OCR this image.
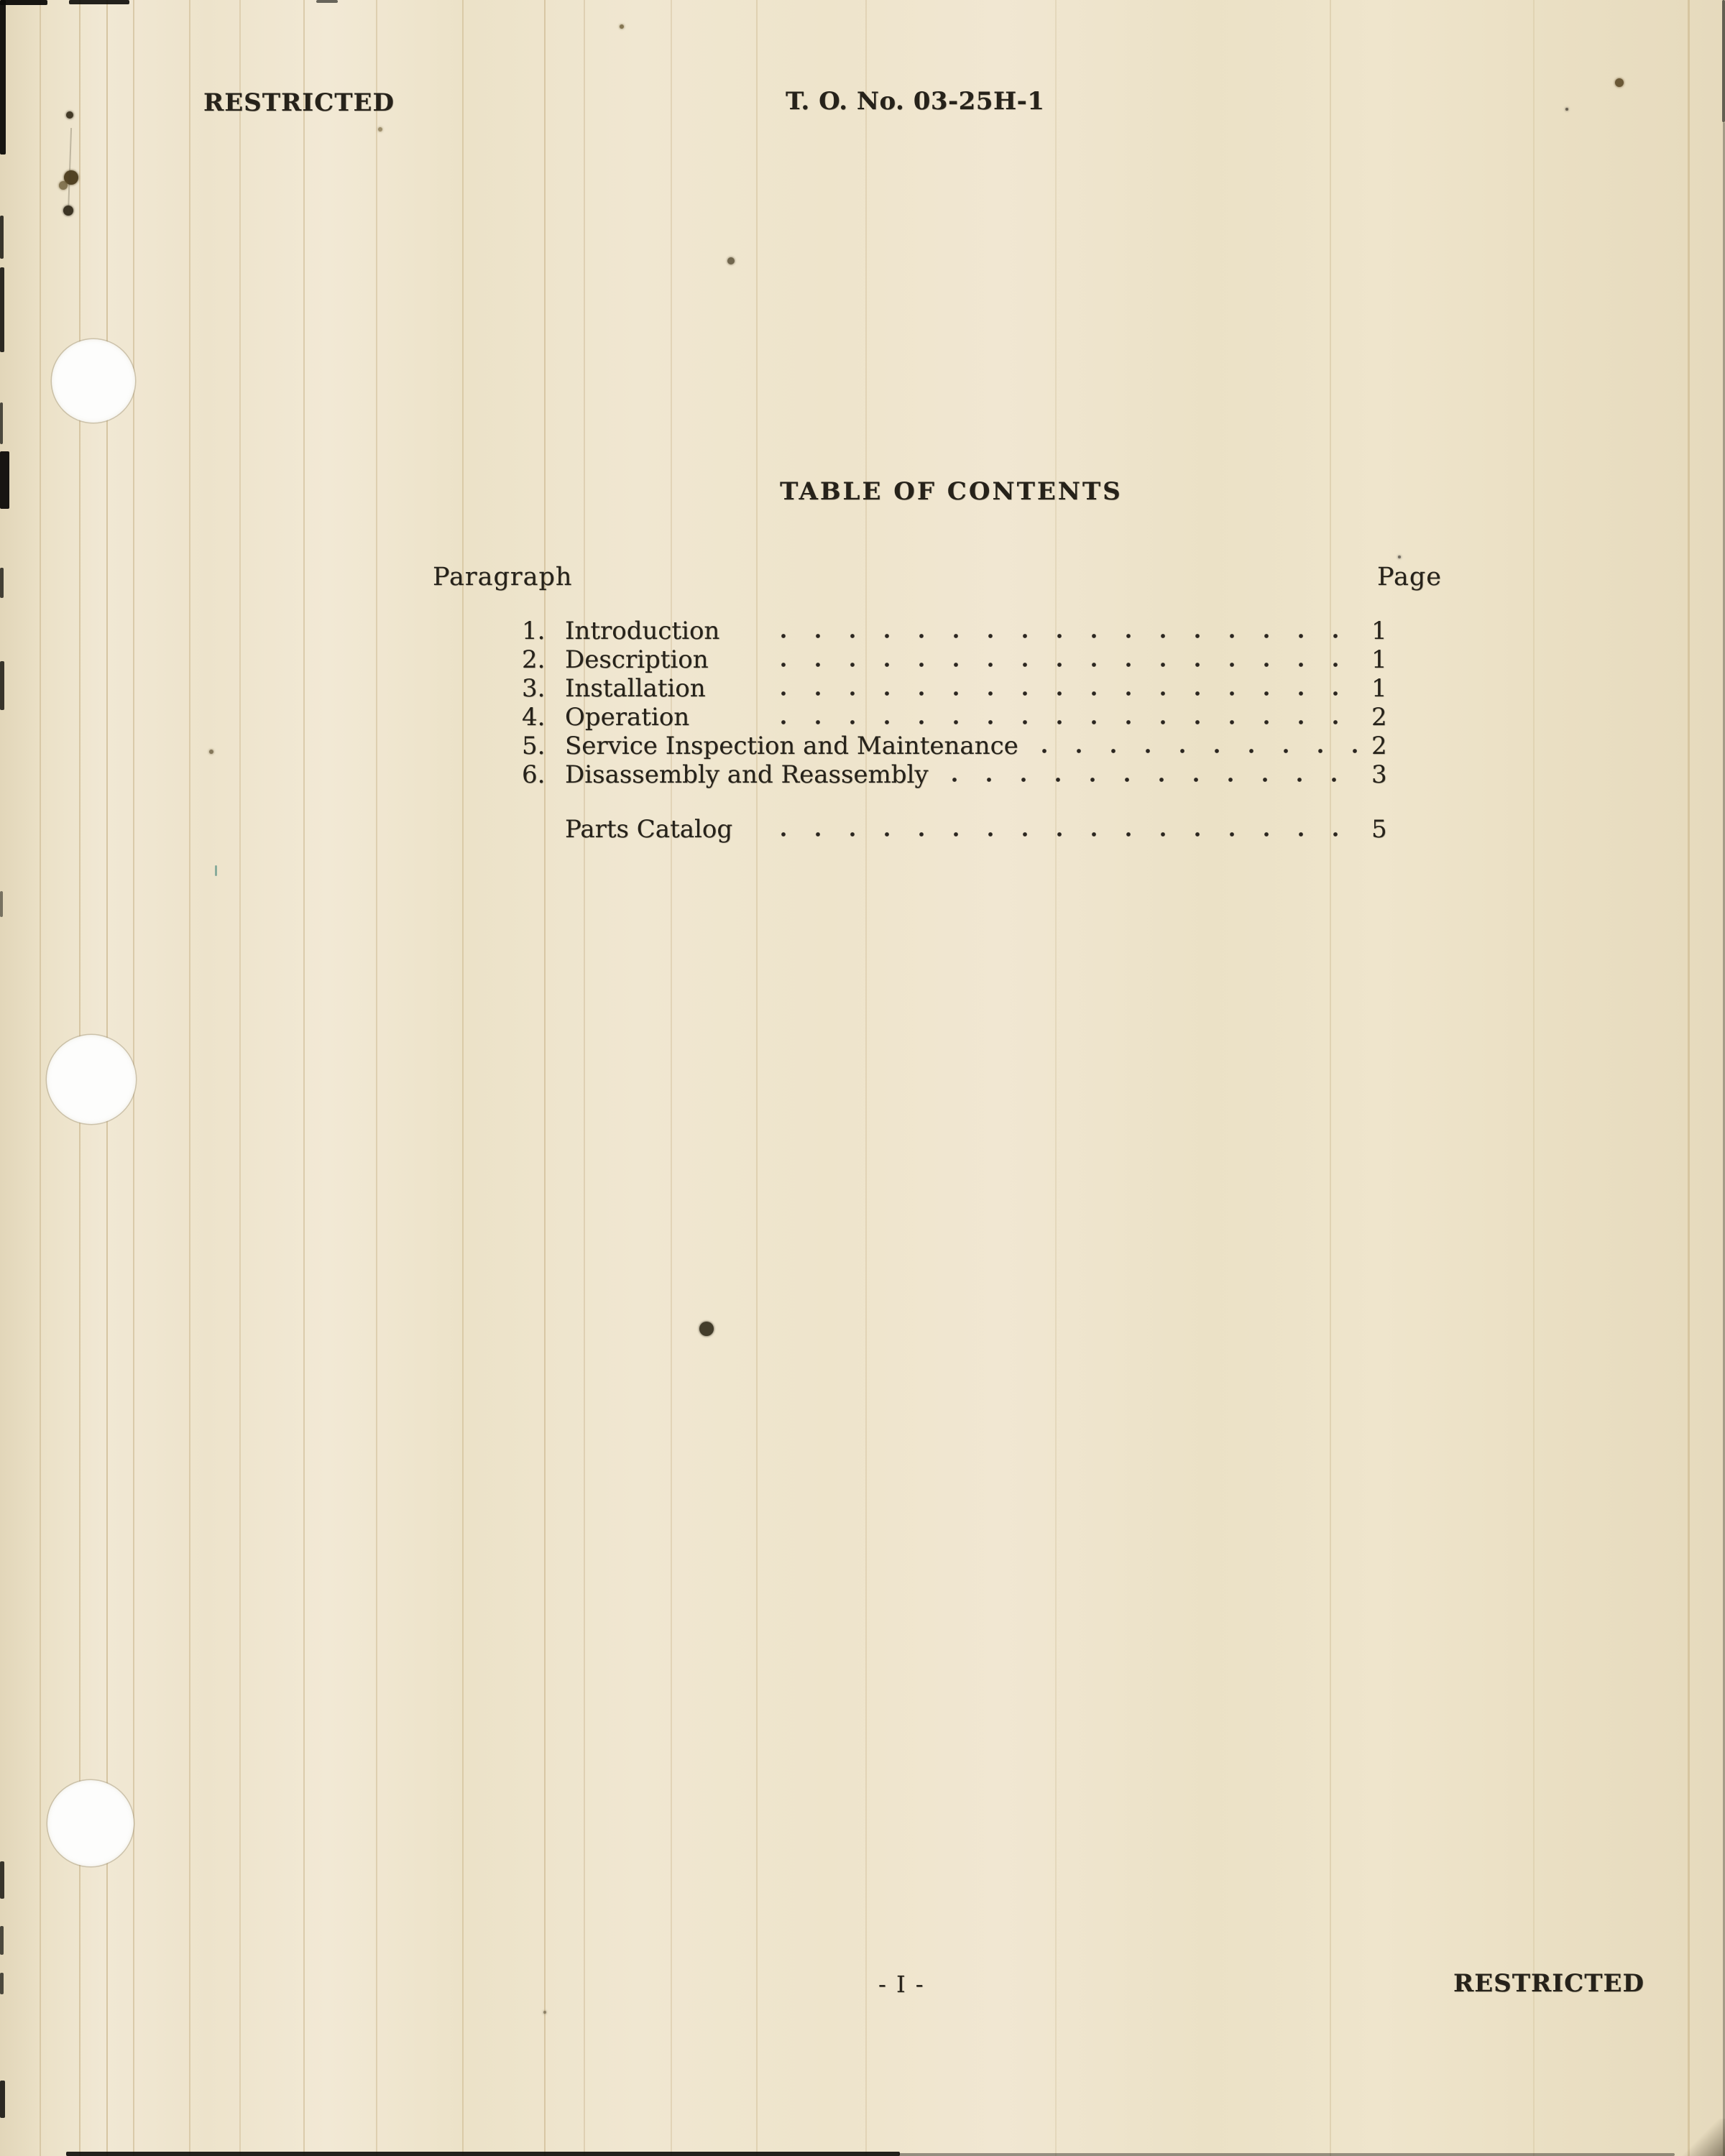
RESTRICTED	T. O. No. 03-25H-1
TABLE OF CONTENTS
Paragraph	Page
1. Introduction	1
2. Description	1
3. Installation	1
4. Operation	2
5. Service Inspection and Maintenance	2
6. Disassembly and Reassembly	3
Parts Catalog	5
- I -	RESTRICTED
